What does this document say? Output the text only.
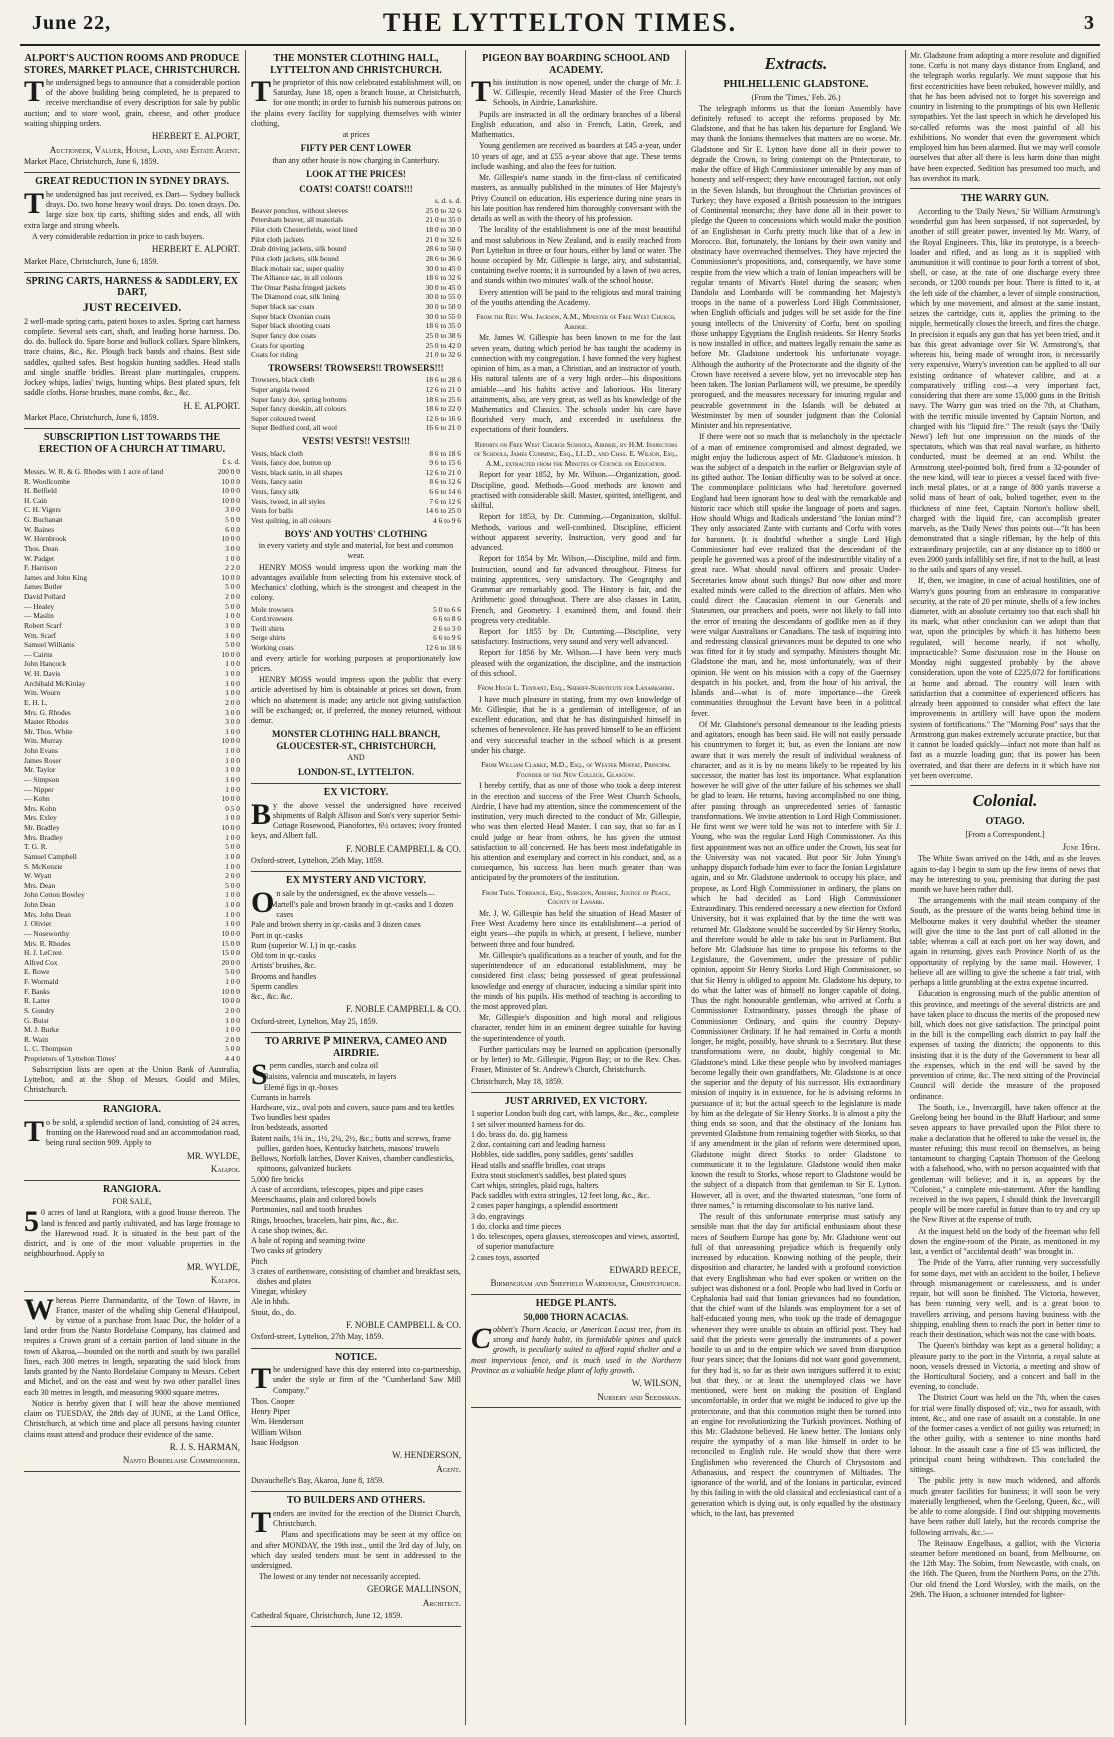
June 22,	THE LYTTELTON TIMES.	3
ALPORT'S AUCTION ROOMS AND PRODUCE STORES, MARKET PLACE, CHRISTCHURCH.

The undersigned begs to announce that a considerable portion of the above building being completed, he is prepared to receive merchandise of every description for sale by public auction; and to store wool, grain, cheese, and other produce waiting shipping orders.

HERBERT E. ALPORT,
Auctioneer, Valuer, House, Land, and Estate Agent.

Market Place, Christchurch, June 6, 1859.

GREAT REDUCTION IN SYDNEY DRAYS.

The undersigned has just received, ex Dart— Sydney bullock drays. Do. two horse heavy wool drays. Do. town drays. Do. large size box tip carts, shifting sides and ends, all with extra large and strong wheels.

A very considerable reduction in price to cash buyers.

HERBERT E. ALPORT.

Market Place, Christchurch, June 6, 1859.

SPRING CARTS, HARNESS & SADDLERY, EX DART,
JUST RECEIVED.

2 well-made spring carts, patent boxes to axles. Spring cart harness complete. Several sets cart, shaft, and leading horse harness. Do. do. do. bullock do. Spare horse and bullock collars. Spare blinkers, trace chains, &c., &c. Plough back bands and chains. Best side saddles, quilted safes. Best hogskin hunting saddles. Head stalls and single snaffle bridles. Breast plate martingales, cruppers. Jockey whips, ladies' twigs, hunting whips. Best plated spurs, felt saddle cloths. Horse brushes, mane combs, &c., &c.

H. E. ALPORT.

Market Place, Christchurch, June 6, 1859.

SUBSCRIPTION LIST TOWARDS THE ERECTION OF A CHURCH AT TIMARU.
£ s. d.
Messrs. W. R. & G. Rhodes with 1 acre of land	200 0 0
R. Woollcombe	10 0 0
H. Belfield	10 0 0
H. Cain	10 0 0
C. H. Vigers	3 0 0
G. Buchanan	5 0 0
W. Baines	6 0 0
W. Hornbrook	10 0 0
Thos. Dean	3 0 0
W. Padget	1 0 0
F. Harrison	2 2 0
James and John King	10 0 0
James Butler	5 0 0
David Pollard	2 0 0
— Healey	5 0 0
— Maslin	1 0 0
Robert Scarf	1 0 0
Wm. Scarf	1 0 0
Samuel Williams	5 0 0
— Cairns	10 0 0
John Hancock	1 0 0
W. H. Davis	1 0 0
Archibald McKinlay	1 0 0
Wm. Wourn	1 0 0
E. H. L.	2 0 0
Mrs. G. Rhodes	3 0 0
Master Rhodes	3 0 0
Mr. Thos. White	1 0 0
Wm. Murray	10 0 0
John Evans	1 0 0
James Roser	1 0 0
Mr. Taylor	1 0 0
— Simpson	1 0 0
— Nipper	1 0 0
— Kohn	10 0 0
Mrs. Kohn	0 5 0
Mrs. Exley	1 0 0
Mr. Bradley	10 0 0
Mrs. Bradley	1 0 0
T. G. R.	5 0 0
Samuel Campbell	1 0 0
S. McKenzie	1 0 0
W. Wyatt	2 0 0
Mrs. Dean	5 0 0
John Cotton Bowley	1 0 0
John Dean	1 0 0
Mrs. John Dean	1 0 0
J. Olivier	1 0 0
— Noseworthy	10 0 0
Mrs. R. Rhodes	15 0 0
H. J. LeCren	15 0 0
Alfred Cox	20 0 0
E. Rowe	5 0 0
F. Wormald	1 0 0
F. Banks	10 0 0
R. Latter	10 0 0
S. Gundry	2 0 0
G. Buist	1 0 0
M. J. Burke	1 0 0
R. Waitt	2 0 0
L. C. Thompson	5 0 0
Proprietors of 'Lyttelton Times'	4 4 0

Subscription lists are open at the Union Bank of Australia, Lyttelton, and at the Shop of Messrs. Gould and Miles, Christchurch.

RANGIORA.

To be sold, a splendid section of land, consisting of 24 acres, fronting on the Harewood road and an accommodation road, being rural section 909. Apply to

MR. WYLDE,
Kaiapoi.
RANGIORA.
FOR SALE,

50 acres of land at Rangiora, with a good house thereon. The land is fenced and partly cultivated, and has large frontage to the Harewood road. It is situated in the best part of the district, and is one of the most valuable properties in the neighbourhood. Apply to

MR. WYLDE,
Kaiapoi.

Whereas Pierre Darmandaritz, of the Town of Havre, in France, master of the whaling ship General d'Hautpoul, by virtue of a purchase from Isaac Duc, the holder of a land order from the Nanto Bordelaise Company, has claimed and requires a Crown grant of a certain portion of land situate in the town of Akaroa,—bounded on the north and south by two parallel lines, each 300 metres in length, separating the said block from lands granted by the Nanto Bordelaise Company to Messrs. Cebert and Michel, and on the east and west by two other parallel lines each 30 metres in length, and measuring 9000 square metres.

Notice is hereby given that I will hear the above mentioned claim on TUESDAY, the 28th day of JUNE, at the Land Office, Christchurch, at which time and place all persons having counter claims must attend and produce their evidence of the same.

R. J. S. HARMAN,
Nanto Bordelaise Commissioner.
THE MONSTER CLOTHING HALL, LYTTELTON AND CHRISTCHURCH.

The proprietor of this now celebrated establishment will, on Saturday, June 18, open a branch house, at Christchurch, for one month; in order to furnish his numerous patrons on the plains every facility for supplying themselves with winter clothing,

at prices
FIFTY PER CENT LOWER

than any other house is now charging in Canterbury.

LOOK AT THE PRICES!
COATS! COATS!! COATS!!!
s. d. s. d.
Beaver ponchos, without sleeves	25 0 to 32 6
Petersham beaver, all materials	21 0 to 35 0
Pilot cloth Chesterfields, wool lined	18 0 to 30 0
Pilot cloth jackets	21 0 to 32 6
Drab driving jackets, silk bound	28 6 to 50 0
Pilot cloth jackets, silk bound	28 6 to 36 6
Black mohair sac, super quality	30 0 to 45 0
The Alliance sac, in all colours	18 6 to 32 6
The Omar Pasha fringed jackets	30 0 to 45 0
The Diamond coat, silk lining	30 0 to 55 0
Super black sac coats	30 0 to 50 0
Super black Oxonian coats	30 0 to 55 0
Super black shooting coats	18 6 to 35 0
Super fancy doe coats	25 0 to 38 6
Coats for sporting	25 0 to 42 0
Coats for riding	21 0 to 32 6
TROWSERS! TROWSERS!! TROWSERS!!!
Trowsers, black cloth	18 6 to 28 6
Super angola tweed	12 6 to 21 0
Super fancy doe, spring bottoms	18 6 to 25 6
Super fancy doeskin, all colours	18 6 to 22 0
Super coloured tweed	12 6 to 16 6
Super Bedford cord, all wool	16 6 to 21 0
VESTS! VESTS!! VESTS!!!
Vests, black cloth	8 6 to 18 6
Vests, fancy doe, button up	9 6 to 15 6
Vests, black satin, in all shapes	12 6 to 21 0
Vests, fancy satin	8 6 to 12 6
Vests, fancy silk	6 6 to 14 6
Vests, tweed, in all styles	7 6 to 12 6
Vests for balls	14 6 to 25 0
Vest quilting, in all colours	4 6 to 9 6
BOYS' AND YOUTHS' CLOTHING

in every variety and style and material, for best and common wear.

HENRY MOSS would impress upon the working man the advantages available from selecting from his extensive stock of Mechanics' clothing, which is the strongest and cheapest in the colony.

Mole trowsers	5 0 to 6 6
Cord trowsers	6 6 to 8 6
Twill shirts	2 6 to 3 0
Serge shirts	6 6 to 9 6
Working coats	12 6 to 18 6

and every article for working purposes at proportionately low prices.

HENRY MOSS would impress upon the public that every article advertised by him is obtainable at prices set down, from which no abatement is made; any article not giving satisfaction will be exchanged; or, if preferred, the money returned, without demur.

MONSTER CLOTHING HALL BRANCH, GLOUCESTER-ST., CHRISTCHURCH,
AND
LONDON-ST., LYTTELTON.
EX VICTORY.

By the above vessel the undersigned have received shipments of Ralph Allison and Son's very superior Semi-Cottage Rosewood, Pianofortes, 6½ octaves; ivory fronted keys, and Albert fall.

F. NOBLE CAMPBELL & CO.

Oxford-street, Lyttelton, 25th May, 1859.

EX MYSTERY AND VICTORY.

On sale by the undersigned, ex the above vessels—

Martell's pale and brown brandy in qr.-casks and 1 dozen cases
Pale and brown sherry in qr.-casks and 3 dozen cases
Port in qr.-casks
Rum (superior W. I.) in qr.-casks
Old tom in qr.-casks
Artists' brushes, &c.
Brooms and handles
Sperm candles
&c., &c. &c.
F. NOBLE CAMPBELL & CO.

Oxford-street, Lyttelton, May 25, 1859.

TO ARRIVE ℙ MINERVA, CAMEO AND AIRDRIE.

Sperm candles, starch and colza oil

Raisins, valencia and muscatels, in layers
Elemé figs in qr.-boxes
Currants in barrels
Hardware, viz., oval pots and covers, sauce pans and tea kettles
Two bundles best spades
Iron bedsteads, assorted
Batent nails, 1¼ in., 1½, 2¼, 2½, &c.; butts and screws, frame pullies, garden hoes, Kentucky hatchets, masons' trowels
Bellows, Norfolk latches, Dover Knives, chamber candlesticks, spittoons, galvanized buckets
5,000 fire bricks
A case of accordians, telescopes, pipes and pipe cases
Meerschaums, plain and colored bowls
Portmonies, nail and tooth brushes
Rings, brooches, bracelets, hair pins, &c., &c.
A case shop twines, &c.
A bale of roping and seaming twine
Two casks of grindery
Pitch
3 crates of earthenware, consisting of chamber and breakfast sets, dishes and plates
Vinegar, whiskey
Ale in hhds.
Stout, do., do.
F. NOBLE CAMPBELL & CO.

Oxford-street, Lyttelton, 27th May, 1859.

NOTICE.

The undersigned have this day entered into co-partnership, under the style or firm of the "Cumberland Saw Mill Company."

Thos. Cooper
Henry Piper
Wm. Henderson
William Wilson
Isaac Hodgson
W. HENDERSON,
Agent.

Duvauchelle's Bay, Akaroa, June 8, 1859.

TO BUILDERS AND OTHERS.

Tenders are invited for the erection of the District Church, Christchurch.

Plans and specifications may be seen at my office on and after MONDAY, the 19th inst., until the 3rd day of July, on which day sealed tenders must be sent in addressed to the undersigned.

The lowest or any tender not necessarily accepted.

GEORGE MALLINSON,
Architect.

Cathedral Square, Christchurch, June 12, 1859.

PIGEON BAY BOARDING SCHOOL AND ACADEMY.

This institution is now opened, under the charge of Mr. J. W. Gillespie, recently Head Master of the Free Church Schools, in Airdrie, Lanarkshire.

Pupils are instructed in all the ordinary branches of a liberal English education, and also in French, Latin, Greek, and Mathematics.

Young gentlemen are received as boarders at £45 a-year, under 10 years of age, and at £55 a-year above that age. These terms include washing, and also the fees for tuition.

Mr. Gillespie's name stands in the first-class of certificated masters, as annually published in the minutes of Her Majesty's Privy Council on education. His experience during nine years in his late position has rendered him thoroughly conversant with the details as well as with the theory of his profession.

The locality of the establishment is one of the most beautiful and most salubrious in New Zealand, and is easily reached from Port Lyttelton in three or four hours, either by land or water. The house occupied by Mr. Gillespie is large, airy, and substantial, containing twelve rooms; it is surrounded by a lawn of two acres, and stands within two minutes' walk of the school house.

Every attention will be paid to the religious and moral training of the youths attending the Academy.

From the Rev. Wm. Jackson, A.M., Minister of Free West Church, Airdrie.

Mr. James W. Gillespie has been known to me for the last seven years, during which period he has taught the academy in connection with my congregation. I have formed the very highest opinion of him, as a man, a Christian, and an instructor of youth. His natural talents are of a very high order—his dispositions amiable—and his habits active and laborious. His literary attainments, also, are very great, as well as his knowledge of the Mathematics and Classics. The schools under his care have flourished very much, and exceeded in usefulness the expectations of their founders.

Reports on Free West Church Schools, Airdrie, by H.M. Inspectors of Schools, James Cumming, Esq., LL.D., and Chas. E. Wilson, Esq., A.M., extracted from the Minutes of Council on Education.

Report for year 1852, by Mr. Wilson.—Organization, good. Discipline, good. Methods—Good methods are known and practised with considerable skill. Master, spirited, intelligent, and skilful.

Report for 1853, by Dr. Cumming.—Organization, skilful. Methods, various and well-combined. Discipline, efficient without apparent severity. Instruction, very good and far advanced.

Report for 1854 by Mr. Wilson.—Discipline, mild and firm. Instruction, sound and far advanced throughout. Fitness for training apprentices, very satisfactory. The Geography and Grammar are remarkably good. The History is fair, and the Arithmetic good throughout. There are also classes in Latin, French, and Geometry. I examined them, and found their progress very creditable.

Report for 1855 by Dr. Cumming.—Discipline, very satisfactory. Instructions, very sound and very well advanced.

Report for 1856 by Mr. Wilson.—I have been very much pleased with the organization, the discipline, and the instruction of this school.

From Hugh L. Tennant, Esq., Sheriff-Substitute for Lanarkshire.

I have much pleasure in stating, from my own knowledge of Mr. Gillespie, that he is a gentleman of intelligence, of an excellent education, and that he has distinguished himself in schemes of benevolence. He has proved himself to be an efficient and very successful teacher in the school which is at present under his charge.

From William Clarke, M.D., Esq., of Wester Moffat, Principal Founder of the New College, Glasgow.

I hereby certify, that as one of those who took a deep interest in the erection and success of the Free West Church Schools, Airdrie, I have had my attention, since the commencement of the institution, very much directed to the conduct of Mr. Gillespie, who was then elected Head Master. I can say, that so far as I could judge or hear from others, he has given the utmost satisfaction to all concerned. He has been most indefatigable in his attention and exemplary and correct in his conduct, and, as a consequence, his success has been much greater than was anticipated by the promoters of the institution.

From Thos. Torrance, Esq., Surgeon, Airdrie, Justice of Peace, County of Lanark.

Mr. J. W. Gillespie has held the situation of Head Master of Free West Academy here since its establishment—a period of eight years—the pupils in which, at present, I believe, number between three and four hundred.

Mr. Gillespie's qualifications as a teacher of youth, and for the superintendence of an educational establishment, may be considered first class; being possessed of great professional knowledge and energy of character, inducing a similar spirit into the minds of his pupils. His method of teaching is according to the most approved plan.

Mr. Gillespie's disposition and high moral and religious character, render him in an eminent degree suitable for having the superintendence of youth.

Further particulars may be learned on application (personally or by letter) to Mr. Gillespie, Pigeon Bay; or to the Rev. Chas. Fraser, Minister of St. Andrew's Church, Christchurch.

Christchurch, May 18, 1859.

JUST ARRIVED, EX VICTORY.
1 superior London built dog cart, with lamps, &c., &c., complete
1 set silver mounted harness for do.
1 do. brass do. do. gig harness
2 doz. containing cart and leading harness
Hobbles, side saddles, pony saddles, gents' saddles
Head stalls and snaffle bridles, coat straps
Extra stout stockmen's saddles, best plated spurs
Cart whips, stringles, plaid rugs, halters
Pack saddles with extra stringles, 12 feet long, &c., &c.
2 cases paper hangings, a splendid assortment
3 do. engravings
1 do. clocks and time pieces
1 do. telescopes, opera glasses, stereoscopes and views, assorted, of superior manufacture
2 cases toys, assorted
EDWARD REECE,
Birmingham and Sheffield Warehouse, Christchurch.
HEDGE PLANTS.
50,000 THORN ACACIAS.

Cobbett's Thorn Acacia, or American Locust tree, from its strong and hardy habit, its formidable spines and quick growth, is peculiarly suited to afford rapid shelter and a most impervious fence, and is much used in the Northern Province as a valuable hedge plant of lofty growth.

W. WILSON,
Nursery and Seedsman.
Extracts.
PHILHELLENIC GLADSTONE.
(From the 'Times,' Feb. 26.)

The telegraph informs us that the Ionian Assembly have definitely refused to accept the reforms proposed by Mr. Gladstone, and that he has taken his departure for England. We may thank the Ionians themselves that matters are no worse. Mr. Gladstone and Sir E. Lytton have done all in their power to degrade the Crown, to bring contempt on the Protectorate, to make the office of High Commissioner untenable by any man of honesty and self-respect; they have encouraged faction, not only in the Seven Islands, but throughout the Christian provinces of Turkey; they have exposed a British possession to the intrigues of Continental monarchs; they have done all in their power to pledge the Queen to concessions which would make the position of an Englishman in Corfu pretty much like that of a Jew in Morocco. But, fortunately, the Ionians by their own vanity and obstinacy have overreached themselves. They have rejected the Commissioner's propositions, and, consequently, we have some respite from the view which a train of Ionian impeachers will be regular tenants of Mivart's Hotel during the season; when Dandolo and Lombardo will be commanding her Majesty's troops in the name of a powerless Lord High Commissioner, when English officials and judges will be set aside for the fine young intellects of the University of Corfu, bent on spoiling those unhappy Egyptians the English residents. Sir Henry Storks is now installed in office, and matters legally remain the same as before Mr. Gladstone undertook his unfortunate voyage. Although the authority of the Protectorate and the dignity of the Crown have received a severe blow, yet no irrevocable step has been taken. The Ionian Parliament will, we presume, be speedily prorogued, and the measures necessary for insuring regular and peaceable government in the Islands will be debated at Westminster by men of sounder judgment than the Colonial Minister and his representative.

If there were not so much that is melancholy in the spectacle of a man of eminence compromised and almost degraded, we might enjoy the ludicrous aspect of Mr. Gladstone's mission. It was the subject of a despatch in the earlier or Belgravian style of its gifted author. The Ionian difficulty was to be solved at once. The commonplace politicians who had heretofore governed England had been ignorant how to deal with the remarkable and historic race which still spoke the language of poets and sages. How should Whigs and Radicals understand "the Ionian mind"? They only associated Zante with currants and Corfu with votes for baronets. It is doubtful whether a single Lord High Commissioner had ever realized that the descendant of the people he governed was a proof of the indestructible vitality of a great race. What should naval officers and prosaic Under-Secretaries know about such things? But now other and more exalted minds were called to the direction of affairs. Men who could direct the Caucasian element in our Generals and Statesmen, our preachers and poets, were not likely to fall into the error of treating the descendants of godlike men as if they were vulgar Australians or Canadians. The task of inquiring into and redressing classical grievances must be deputed to one who was fitted for it by study and sympathy. Ministers thought Mr. Gladstone the man, and he, most unfortunately, was of their opinion. He went on his mission with a copy of the Guernsey despatch in his pocket, and, from the hour of his arrival, the Islands and—what is of more importance—the Greek communities throughout the Levant have been in a political fever.

Of Mr. Gladstone's personal demeanour to the leading priests and agitators, enough has been said. He will not easily persuade his countrymen to forget it; but, as even the Ionians are now aware that it was merely the result of individual weakness of character, and as it is by no means likely to be repeated by his successor, the matter has lost its importance. What explanation however he will give of the utter failure of his schemes we shall be glad to learn. He returns, having accomplished no one thing, after passing through an unprecedented series of fantastic transformations. We invite attention to Lord High Commissioner. He first went we were told he was not to interfere with Sir J. Young, who was the regular Lord High Commissioner. As this first appointment was not an office under the Crown, his seat for the University was not vacated. But poor Sir John Young's unhappy dispatch forbade him ever to face the Ionian Legislature again, and so Mr. Gladstone undertook to occupy his place, and propose, as Lord High Commissioner in ordinary, the plans on which he had decided as Lord High Commissioner Extraordinary. This rendered necessary a new election for Oxford University, but it was explained that by the time the writ was returned Mr. Gladstone would be succeeded by Sir Henry Storks, and therefore would be able to take his seat in Parliament. But before Mr. Gladstone has time to propose his reforms to the Legislature, the Government, under the pressure of public opinion, appoint Sir Henry Storks Lord High Commissioner, so that Sir Henry is obliged to appoint Mr. Gladstone his deputy, to do what the latter was of himself no longer capable of doing. Thus the right honourable gentleman, who arrived at Corfu a Commissioner Extraordinary, passes through the phase of Commissioner Ordinary, and quits the country Deputy-Commissioner Ordinary. If he had remained in Corfu a month longer, he might, possibly, have shrunk to a Secretary. But these transformations were, no doubt, highly congenial to Mr. Gladstone's mind. Like these people who by involved marriages become legally their own grandfathers, Mr. Gladstone is at once the superior and the deputy of his successor. His extraordinary mission of inquiry is in existence, for he is advising reforms in pursuance of it; but the actual speech to the legislature is made by him as the delegate of Sir Henry Storks. It is almost a pity the thing ends so soon, and that the obstinacy of the Ionians has prevented Gladstone from remaining together with Storks, so that if any amendment in the plan of reform were determined upon, Gladstone might direct Storks to order Gladstone to communicate it to the legislature. Gladstone would then make known the result to Storks, whose report to Gladstone would be the subject of a dispatch from that gentleman to Sir E. Lytton. However, all is over, and the thwarted statesman, "one form of three names," is returning disconsolate to his native land.

The result of this unfortunate enterprise must satisfy any sensible man that the day for artificial enthusiasm about these races of Southern Europe has gone by. Mr. Gladstone went out full of that unreasoning prejudice which is frequently only increased by education. Knowing nothing of the people, their disposition and character, he landed with a profound conviction that every Englishman who had ever spoken or written on the subject was dishonest or a fool. People who had lived in Corfu or Cephalonia had said that Ionian grievances had no foundation, that the chief want of the Islands was employment for a set of half-educated young men, who took up the trade of demagogue whenever they were unable to obtain an official post. They had said that the priests were generally the instruments of a power hostile to us and to the empire which we saved from disruption four years since; that the Ionians did not want good government, for they had it, so far as their own intrigues suffered it to exist; but that they, or at least the unemployed class we have mentioned, were bent on making the position of England uncomfortable, in order that we might be induced to give up the protectorate, and that this commotion might then be turned into an engine for revolutionizing the Turkish provinces. Nothing of this Mr. Gladstone believed. He knew better. The Ionians only require the sympathy of a man like himself in order to be reconciled to English rule. He would show that there were Englishmen who reverenced the Church of Chrysostom and Athanasius, and respect the countrymen of Miltiades. The ignorance of the world, and of the Ionians in particular, evinced by this failing in with the old classical and ecclesiastical cant of a generation which is dying out, is only equalled by the obstinacy which, to the last, has prevented

Mr. Gladstone from adopting a more resolute and dignified tone. Corfu is not many days distance from England, and the telegraph works regularly. We must suppose that his first eccentricities have been rebuked, however mildly, and that he has been advised not to forget his sovereign and country in listening to the promptings of his own Hellenic sympathies. Yet the last speech in which he developed his so-called reforms was the most painful of all his exhibitions. No wonder that even the government which employed him has been alarmed. But we may well console ourselves that after all there is less harm done than might have been expected. Sedition has presumed too much, and has overshot its mark.

THE WARRY GUN.

According to the 'Daily News,' Sir William Armstrong's wonderful gun has been surpassed, if not superseded, by another of still greater power, invented by Mr. Warry, of the Royal Engineers. This, like its prototype, is a breech-loader and rifled, and as long as it is supplied with ammunition it will continue to pour forth a torrent of shot, shell, or case, at the rate of one discharge every three seconds, or 1200 rounds per hour. There is fitted to it, at the left side of the chamber, a lever of simple construction, which by one movement, and almost at the same instant, seizes the cartridge, cuts it, applies the priming to the nipple, hermetically closes the breech, and fires the charge. In precision it equals any gun that has yet been tried, and it has this great advantage over Sir W. Armstrong's, that whereas his, being made of wrought iron, is necessarily very expensive, Warry's invention can be applied to all our existing ordnance of whatever calibre, and at a comparatively trifling cost—a very important fact, considering that there are some 15,000 guns in the British navy. The Warry gun was tried on the 7th, at Chatham, with the terrific missile invented by Captain Norton, and charged with his "liquid fire." The result (says the 'Daily News') left but one impression on the minds of the spectators, which was that real naval warfare, as hitherto conducted, must be deemed at an end. Whilst the Armstrong steel-pointed bolt, fired from a 32-pounder of the new kind, will tear to pieces a vessel faced with five-inch metal plates, or at a range of 800 yards traverse a solid mass of heart of oak, bolted together, even to the thickness of nine feet, Captain Norton's hollow shell, charged with the liquid fire, can accomplish greater marvels, as the 'Daily News' thus points out—"It has been demonstrated that a single rifleman, by the help of this extraordinary projectile, can at any distance up to 1800 or even 2000 yards infallibly set fire, if not to the hull, at least to the sails and spars of any vessel.

If, then, we imagine, in case of actual hostilities, one of Warry's guns pouring from an embrasure in comparative security, at the rate of 20 per minute, shells of a few inches diameter, with an absolute certainty too that each shall hit its mark, what other conclusion can we adopt than that war, upon the principles by which it has hitherto been regulated, will become nearly, if not wholly, impracticable? Some discussion rose in the House on Monday night suggested probably by the above consideration, upon the vote of £225,072 for fortifications at home and abroad. The country will learn with satisfaction that a committee of experienced officers has already been appointed to consider what effect the late improvements in artillery will have upon the modern system of fortifications." The "Morning Post" says that the Armstrong gun makes extremely accurate practice, but that it cannot be loaded quickly—infact not more than half as fast as a muzzle loading gun; that its power has been overrated, and that there are defects in it which have not yet been overcome.

Colonial.
OTAGO.
[From a Correspondent.]
June 16th.

The White Swan arrived on the 14th, and as she leaves again to-day I begin to sum up the few items of news that may be interesting to you, premising that during the past month we have been rather dull.

The arrangements with the mail steam company of the South, as the pressure of the wants being behind time in Melbourne makes it very doubtful whether the steamer will give the time to the last port of call allotted in the table; whereas a call at each port on her way down, and again in returning, gives each Province North of us the opportunity of replying by the same mail. However, I believe all are willing to give the scheme a fair trial, with perhaps a little grumbling at the extra expense incurred.

Education is engrossing much of the public attention of this province, and meetings of the several districts are and have taken place to discuss the merits of the proposed new bill, which does not give satisfaction. The principal point in the bill is the compelling each district to pay half the expenses of taxing the districts; the opponents to this insisting that it is the duty of the Government to bear all the expenses, which in the end will be saved by the prevention of crime, &c. The next sitting of the Provincial Council will decide the measure of the proposed ordinance.

The South, i.e., Invercargill, have taken offence at the Geelong being her bound in the Bluff Harbour; and some seven appears to have prevailed upon the Pilot there to make a declaration that he offered to take the vessel in, the master refusing; this must recoil on themselves, as being tantamount to charging Captain Thomson of the Geelong with a falsehood, who, with no person acquainted with that gentleman will believe; and it is, as appears by the "Colonist," a complete mis-statement. After the handling received in the two papers, I should think the Invercargill people will be more careful in future than to try and cry up the New River at the expense of truth.

At the inquest held on the body of the freeman who fell down the engine-room of the Pirate, as mentioned in my last, a verdict of "accidental death" was brought in.

The Pride of the Yarra, after running very successfully for some days, met with an accident to the boiler, I believe through mismanagement or carelessness, and is under repair, but will soon be finished. The Victoria, however, has been running very well, and is a great boon to travellers arriving, and persons having business with the shipping, enabling them to reach the port in better time to reach their destination, which was not the case with boats.

The Queen's birthday was kept as a general holiday; a pleasure party to the port in the Victoria, a royal salute at noon, vessels dressed in Victoria, a meeting and show of the Horticultural Society, and a concert and ball in the evening, to conclude.

The District Court was held on the 7th, when the cases for trial were finally disposed of; viz., two for assault, with intent, &c., and one case of assault on a constable. In one of the former cases a verdict of not guilty was returned; in the other guilty, with a sentence to nine months hard labour. In the assault case a fine of £5 was inflicted, the principal count being withdrawn. This concluded the sittings.

The public jetty is now much widened, and affords much greater facilities for business; it will soon be very materially lengthened, when the Geelong, Queen, &c., will be able to come alongside. I find our shipping movements have been rather dull lately, but the records comprise the following arrivals, &c.:—

The Reinauw Engelhaus, a galliot, with the Victoria steamer before mentioned on board, from Melbourne, on the 12th May. The Sobim, from Newcastle, with coals, on the 16th. The Queen, from the Northern Ports, on the 27th. Our old friend the Lord Worsley, with the mails, on the 29th. The Huon, a schooner intended for lighter-
